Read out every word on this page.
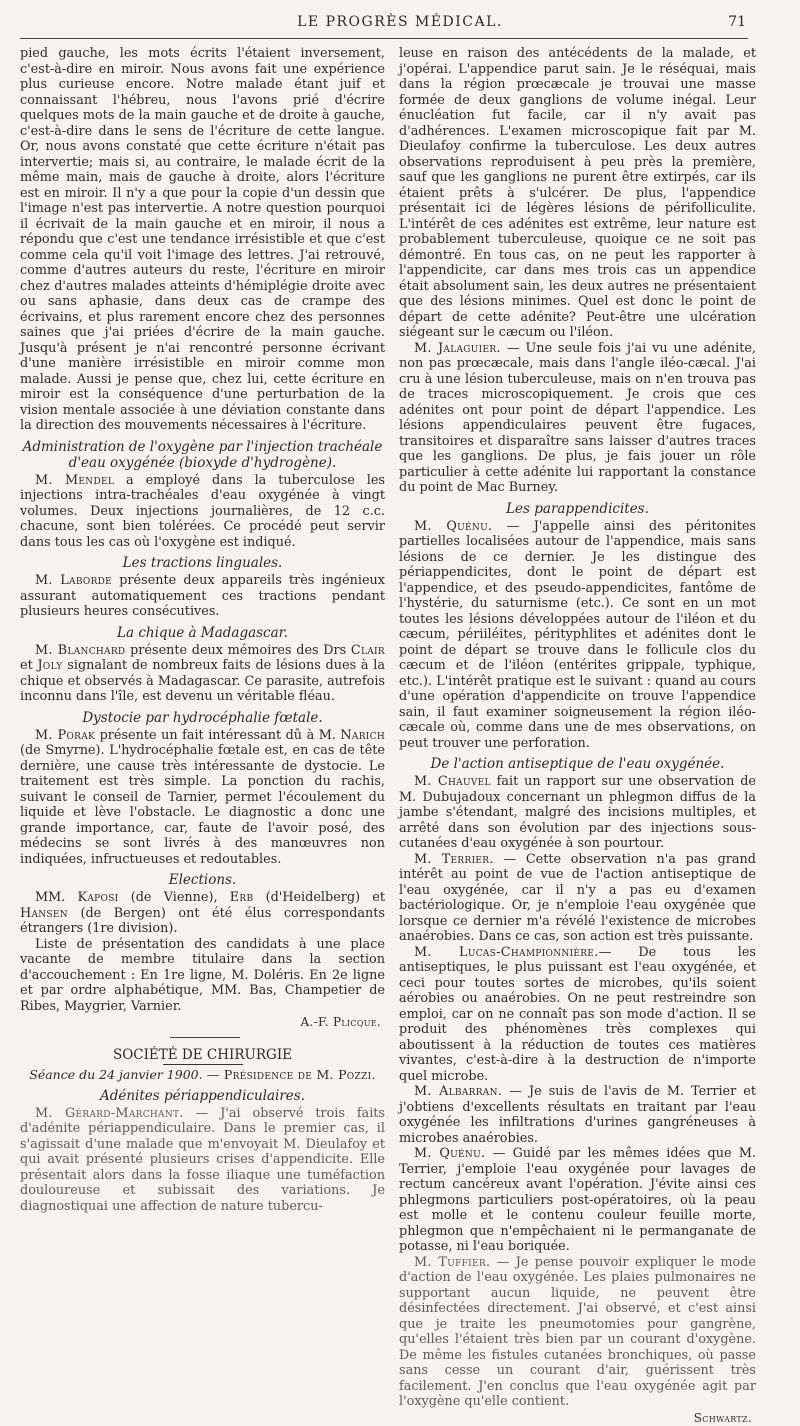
LE PROGRÈS MÉDICAL.	71

pied gauche, les mots écrits l'étaient inversement, c'est-à-dire en miroir. Nous avons fait une expérience plus curieuse encore. Notre malade étant juif et connaissant l'hébreu, nous l'avons prié d'écrire quelques mots de la main gauche et de droite à gauche, c'est-à-dire dans le sens de l'écriture de cette langue. Or, nous avons constaté que cette écriture n'était pas intervertie; mais si, au contraire, le malade écrit de la même main, mais de gauche à droite, alors l'écriture est en miroir. Il n'y a que pour la copie d'un dessin que l'image n'est pas intervertie. A notre question pourquoi il écrivait de la main gauche et en miroir, il nous a répondu que c'est une tendance irrésistible et que c'est comme cela qu'il voit l'image des lettres. J'ai retrouvé, comme d'autres auteurs du reste, l'écriture en miroir chez d'autres malades atteints d'hémiplégie droite avec ou sans aphasie, dans deux cas de crampe des écrivains, et plus rarement encore chez des personnes saines que j'ai priées d'écrire de la main gauche. Jusqu'à présent je n'ai rencontré personne écrivant d'une manière irrésistible en miroir comme mon malade. Aussi je pense que, chez lui, cette écriture en miroir est la conséquence d'une perturbation de la vision mentale associée à une déviation constante dans la direction des mouvements nécessaires à l'écriture.

Administration de l'oxygène par l'injection trachéale d'eau oxygénée (bioxyde d'hydrogène).

M. Mendel a employé dans la tuberculose les injections intra-trachéales d'eau oxygénée à vingt volumes. Deux injections journalières, de 12 c.c. chacune, sont bien tolérées. Ce procédé peut servir dans tous les cas où l'oxygène est indiqué.

Les tractions linguales.

M. Laborde présente deux appareils très ingénieux assurant automatiquement ces tractions pendant plusieurs heures consécutives.

La chique à Madagascar.

M. Blanchard présente deux mémoires des Drs Clair et Joly signalant de nombreux faits de lésions dues à la chique et observés à Madagascar. Ce parasite, autrefois inconnu dans l'île, est devenu un véritable fléau.

Dystocie par hydrocéphalie fœtale.

M. Porak présente un fait intéressant dû à M. Narich (de Smyrne). L'hydrocéphalie fœtale est, en cas de tête dernière, une cause très intéressante de dystocie. Le traitement est très simple. La ponction du rachis, suivant le conseil de Tarnier, permet l'écoulement du liquide et lève l'obstacle. Le diagnostic a donc une grande importance, car, faute de l'avoir posé, des médecins se sont livrés à des manœuvres non indiquées, infructueuses et redoutables.

Elections.

MM. Kaposi (de Vienne), Erb (d'Heidelberg) et Hansen (de Bergen) ont été élus correspondants étrangers (1re division).

Liste de présentation des candidats à une place vacante de membre titulaire dans la section d'accouchement : En 1re ligne, M. Doléris. En 2e ligne et par ordre alphabétique, MM. Bas, Champetier de Ribes, Maygrier, Varnier.

A.-F. Plicque.
SOCIÉTÉ DE CHIRURGIE
Séance du 24 janvier 1900. — Présidence de M. Pozzi.
Adénites périappendiculaires.

M. Gérard-Marchant. — J'ai observé trois faits d'adénite périappendiculaire. Dans le premier cas, il s'agissait d'une malade que m'envoyait M. Dieulafoy et qui avait présenté plusieurs crises d'appendicite. Elle présentait alors dans la fosse iliaque une tuméfaction douloureuse et subissait des variations. Je diagnostiquai une affection de nature tubercu-

leuse en raison des antécédents de la malade, et j'opérai. L'appendice parut sain. Je le réséquai, mais dans la région prœcæcale je trouvai une masse formée de deux ganglions de volume inégal. Leur énucléation fut facile, car il n'y avait pas d'adhérences. L'examen microscopique fait par M. Dieulafoy confirme la tuberculose. Les deux autres observations reproduisent à peu près la première, sauf que les ganglions ne purent être extirpés, car ils étaient prêts à s'ulcérer. De plus, l'appendice présentait ici de légères lésions de périfolliculite. L'intérêt de ces adénites est extrême, leur nature est probablement tuberculeuse, quoique ce ne soit pas démontré. En tous cas, on ne peut les rapporter à l'appendicite, car dans mes trois cas un appendice était absolument sain, les deux autres ne présentaient que des lésions minimes. Quel est donc le point de départ de cette adénite? Peut-être une ulcération siégeant sur le cæcum ou l'iléon.

M. Jalaguier. — Une seule fois j'ai vu une adénite, non pas prœcæcale, mais dans l'angle iléo-cæcal. J'ai cru à une lésion tuberculeuse, mais on n'en trouva pas de traces microscopiquement. Je crois que ces adénites ont pour point de départ l'appendice. Les lésions appendiculaires peuvent être fugaces, transitoires et disparaître sans laisser d'autres traces que les ganglions. De plus, je fais jouer un rôle particulier à cette adénite lui rapportant la constance du point de Mac Burney.

Les parappendicites.

M. Quénu. — J'appelle ainsi des péritonites partielles localisées autour de l'appendice, mais sans lésions de ce dernier. Je les distingue des périappendicites, dont le point de départ est l'appendice, et des pseudo-appendicites, fantôme de l'hystérie, du saturnisme (etc.). Ce sont en un mot toutes les lésions développées autour de l'iléon et du cæcum, périiléites, pérityphlites et adénites dont le point de départ se trouve dans le follicule clos du cæcum et de l'iléon (entérites grippale, typhique, etc.). L'intérêt pratique est le suivant : quand au cours d'une opération d'appendicite on trouve l'appendice sain, il faut examiner soigneusement la région iléo-cæcale où, comme dans une de mes observations, on peut trouver une perforation.

De l'action antiseptique de l'eau oxygénée.

M. Chauvel fait un rapport sur une observation de M. Dubujadoux concernant un phlegmon diffus de la jambe s'étendant, malgré des incisions multiples, et arrêté dans son évolution par des injections sous-cutanées d'eau oxygénée à son pourtour.

M. Terrier. — Cette observation n'a pas grand intérêt au point de vue de l'action antiseptique de l'eau oxygénée, car il n'y a pas eu d'examen bactériologique. Or, je n'emploie l'eau oxygénée que lorsque ce dernier m'a révélé l'existence de microbes anaérobies. Dans ce cas, son action est très puissante.

M. Lucas-Championnière.— De tous les antiseptiques, le plus puissant est l'eau oxygénée, et ceci pour toutes sortes de microbes, qu'ils soient aérobies ou anaérobies. On ne peut restreindre son emploi, car on ne connaît pas son mode d'action. Il se produit des phénomènes très complexes qui aboutissent à la réduction de toutes ces matières vivantes, c'est-à-dire à la destruction de n'importe quel microbe.

M. Albarran. — Je suis de l'avis de M. Terrier et j'obtiens d'excellents résultats en traitant par l'eau oxygénée les infiltrations d'urines gangréneuses à microbes anaérobies.

M. Quénu. — Guidé par les mêmes idées que M. Terrier, j'emploie l'eau oxygénée pour lavages de rectum cancéreux avant l'opération. J'évite ainsi ces phlegmons particuliers post-opératoires, où la peau est molle et le contenu couleur feuille morte, phlegmon que n'empêchaient ni le permanganate de potasse, ni l'eau boriquée.

M. Tuffier. — Je pense pouvoir expliquer le mode d'action de l'eau oxygénée. Les plaies pulmonaires ne supportant aucun liquide, ne peuvent être désinfectées directement. J'ai observé, et c'est ainsi que je traite les pneumotomies pour gangrène, qu'elles l'étaient très bien par un courant d'oxygène. De même les fistules cutanées bronchiques, où passe sans cesse un courant d'air, guérissent très facilement. J'en conclus que l'eau oxygénée agit par l'oxygène qu'elle contient.

Schwartz.
